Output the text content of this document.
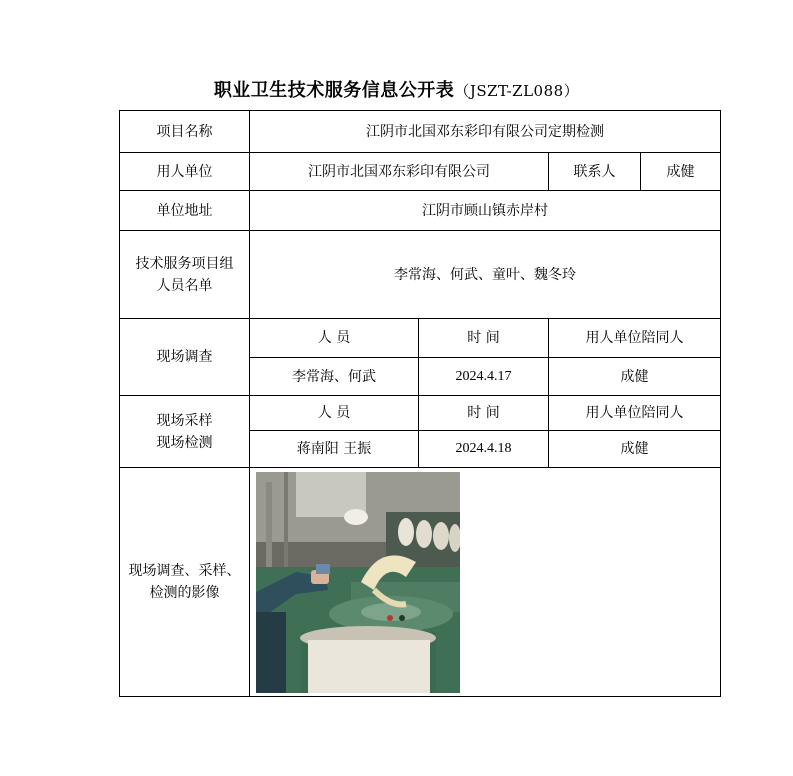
职业卫生技术服务信息公开表（JSZT-ZL088）
项目名称	江阴市北国邓东彩印有限公司定期检测			
用人单位	江阴市北国邓东彩印有限公司		联系人	成健
单位地址	江阴市顾山镇赤岸村			

技术服务项目组
人员名单	李常海、何武、童叶、魏冬玲			
现场调查	人 员	时 间	用人单位陪同人	
	李常海、何武	2024.4.17	成健	

现场采样
现场检测	人 员	时 间	用人单位陪同人	
	蒋南阳 王振	2024.4.18	成健	

现场调查、采样、
检测的影像
